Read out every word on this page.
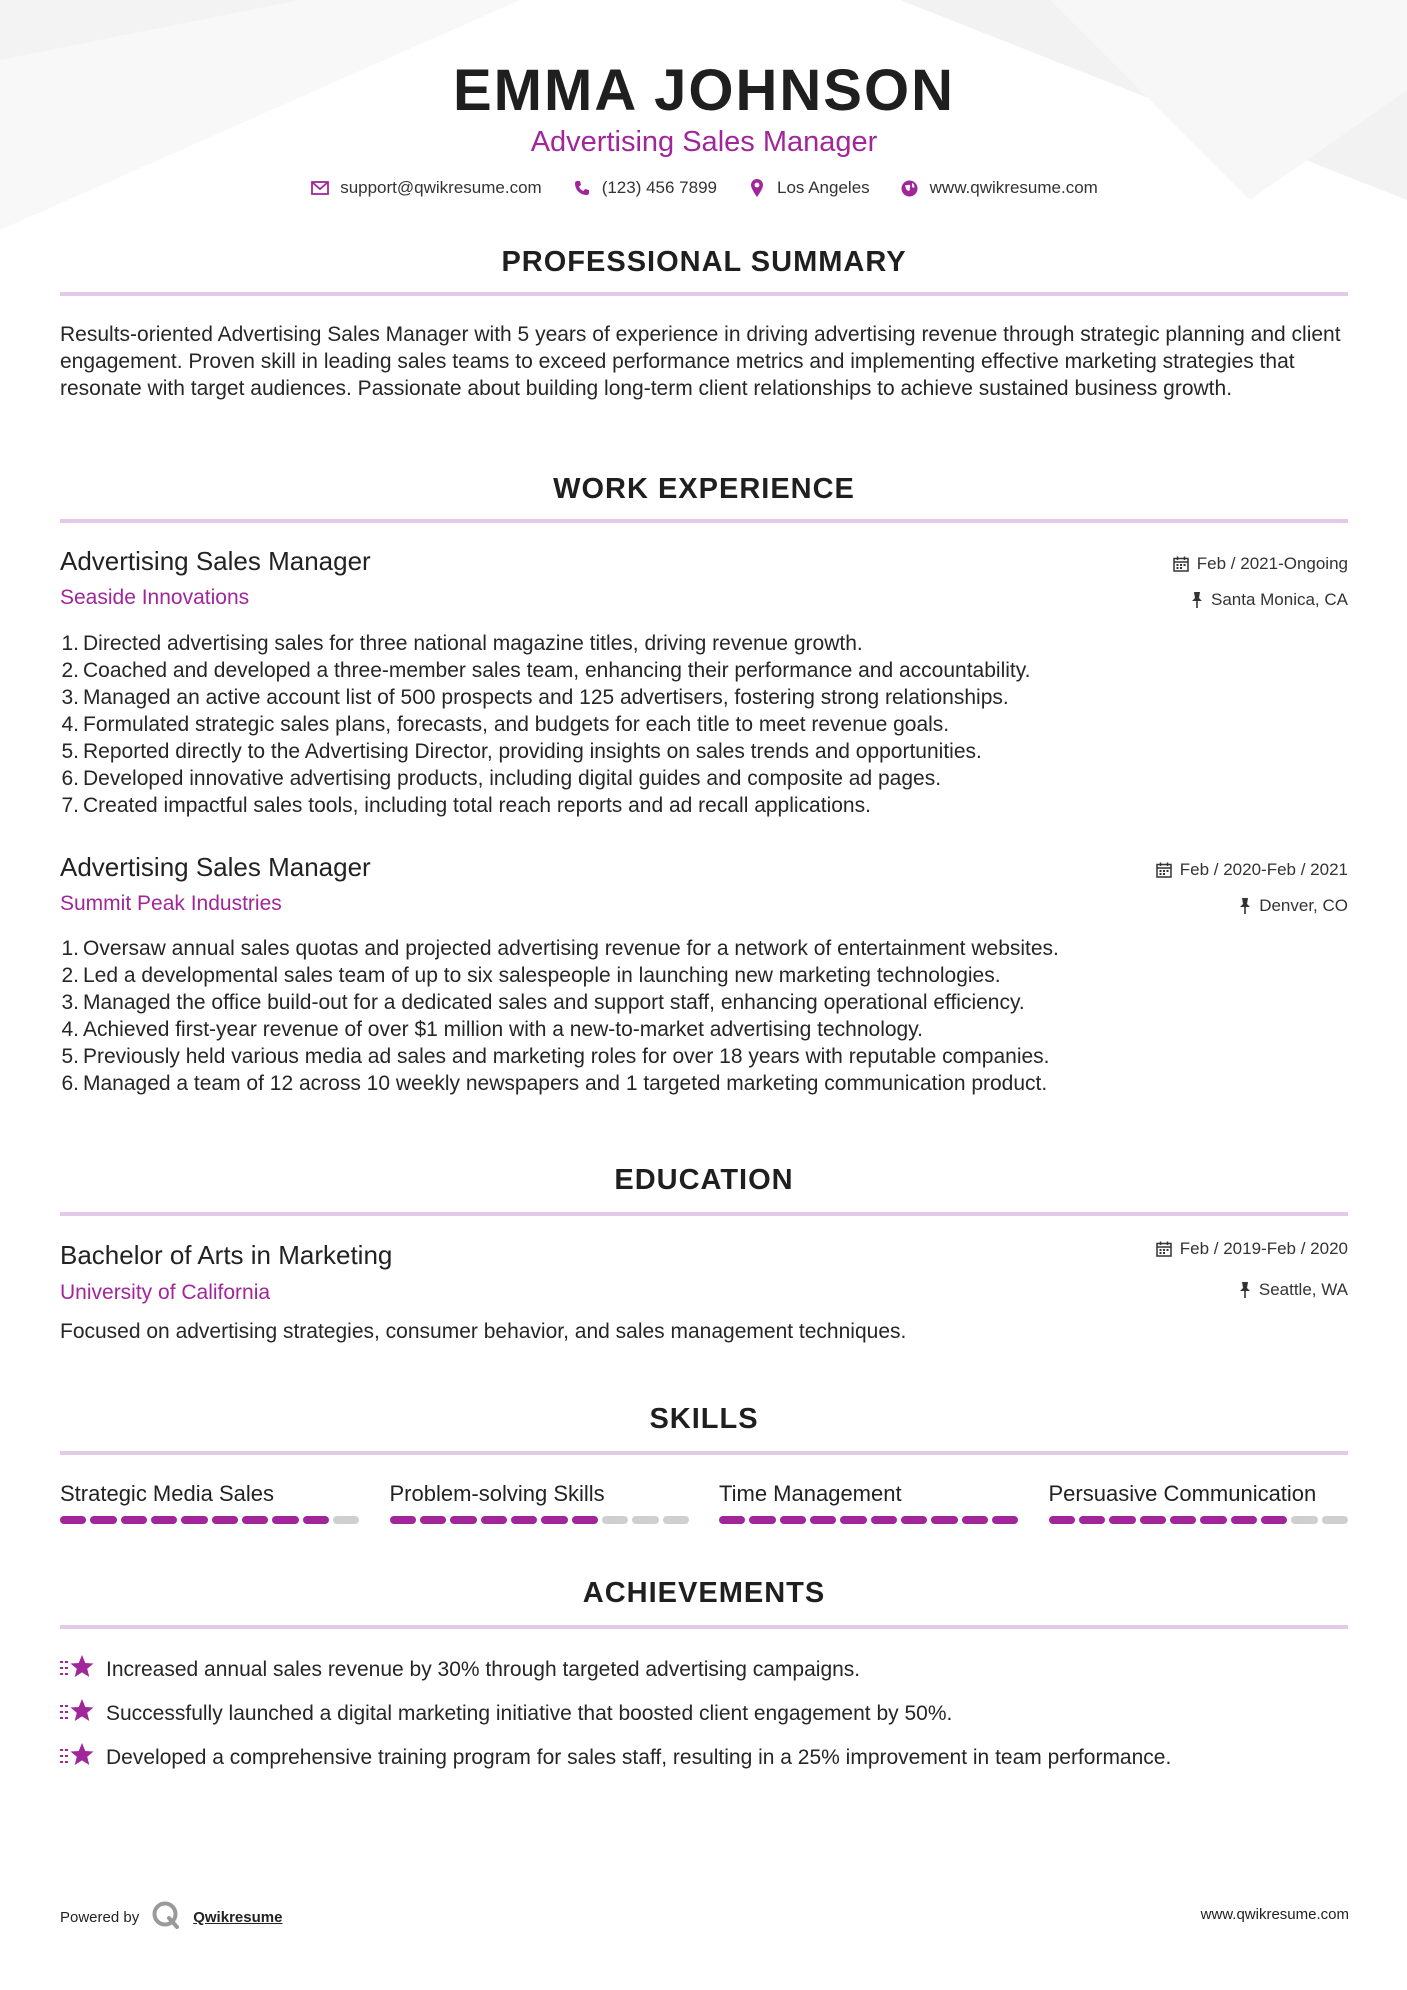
EMMA JOHNSON
Advertising Sales Manager
support@qwikresume.com	(123) 456 7899	Los Angeles	www.qwikresume.com
PROFESSIONAL SUMMARY
Results-oriented Advertising Sales Manager with 5 years of experience in driving advertising revenue through strategic planning and client engagement. Proven skill in leading sales teams to exceed performance metrics and implementing effective marketing strategies that resonate with target audiences. Passionate about building long-term client relationships to achieve sustained business growth.
WORK EXPERIENCE
Advertising Sales Manager
Seaside Innovations
Feb / 2021-Ongoing
Santa Monica, CA
1. Directed advertising sales for three national magazine titles, driving revenue growth.
2. Coached and developed a three-member sales team, enhancing their performance and accountability.
3. Managed an active account list of 500 prospects and 125 advertisers, fostering strong relationships.
4. Formulated strategic sales plans, forecasts, and budgets for each title to meet revenue goals.
5. Reported directly to the Advertising Director, providing insights on sales trends and opportunities.
6. Developed innovative advertising products, including digital guides and composite ad pages.
7. Created impactful sales tools, including total reach reports and ad recall applications.
Advertising Sales Manager
Summit Peak Industries
Feb / 2020-Feb / 2021
Denver, CO
1. Oversaw annual sales quotas and projected advertising revenue for a network of entertainment websites.
2. Led a developmental sales team of up to six salespeople in launching new marketing technologies.
3. Managed the office build-out for a dedicated sales and support staff, enhancing operational efficiency.
4. Achieved first-year revenue of over $1 million with a new-to-market advertising technology.
5. Previously held various media ad sales and marketing roles for over 18 years with reputable companies.
6. Managed a team of 12 across 10 weekly newspapers and 1 targeted marketing communication product.
EDUCATION
Bachelor of Arts in Marketing
University of California
Feb / 2019-Feb / 2020
Seattle, WA
Focused on advertising strategies, consumer behavior, and sales management techniques.
SKILLS
Strategic Media Sales	Problem-solving Skills	Time Management	Persuasive Communication
ACHIEVEMENTS
Increased annual sales revenue by 30% through targeted advertising campaigns.
Successfully launched a digital marketing initiative that boosted client engagement by 50%.
Developed a comprehensive training program for sales staff, resulting in a 25% improvement in team performance.
Powered by	Qwikresume	www.qwikresume.com
